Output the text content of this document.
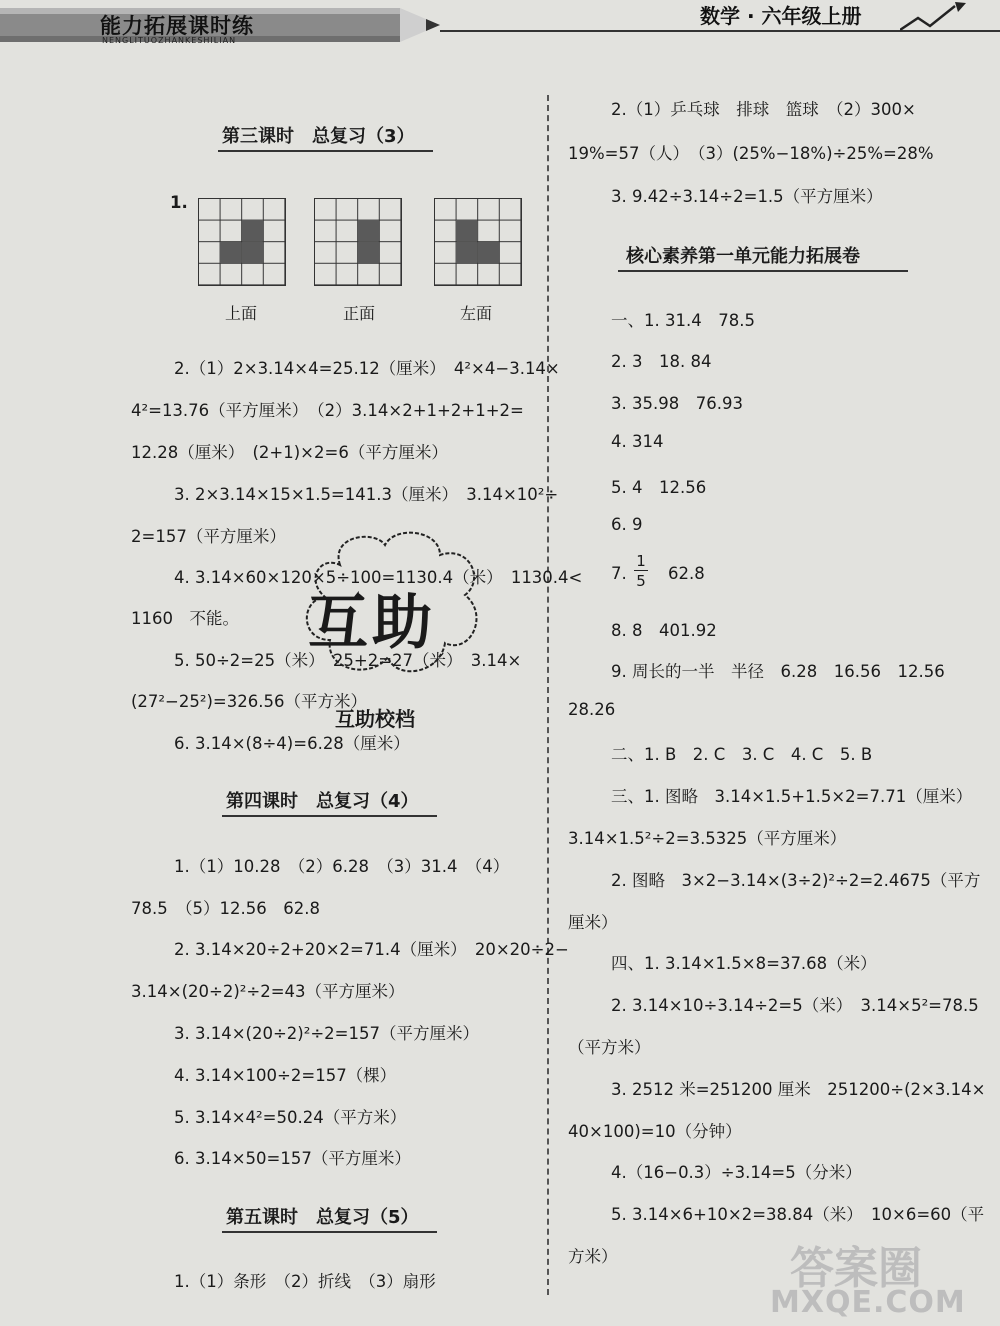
能力拓展课时练
NENGLITUOZHANKESHILIAN
数学 · 六年级上册
第三课时　总复习（3）
1.
上面	正面	左面
2.（1）2×3.14×4=25.12（厘米）　4²×4−3.14×
4²=13.76（平方厘米）　（2）3.14×2+1+2+1+2=
12.28（厘米）　(2+1)×2=6（平方厘米）
3. 2×3.14×15×1.5=141.3（厘米）　3.14×10²÷
2=157（平方厘米）
4. 3.14×60×120×5÷100=1130.4（米）　1130.4<
1160　不能。
5. 50÷2=25（米）　25+2=27（米）　3.14×
(27²−25²)=326.56（平方米）
6. 3.14×(8÷4)=6.28（厘米）
第四课时　总复习（4）
1.（1）10.28　（2）6.28　（3）31.4　（4）
78.5　（5）12.56　62.8
2. 3.14×20÷2+20×2=71.4（厘米）　20×20÷2−
3.14×(20÷2)²÷2=43（平方厘米）
3. 3.14×(20÷2)²÷2=157（平方厘米）
4. 3.14×100÷2=157（棵）
5. 3.14×4²=50.24（平方米）
6. 3.14×50=157（平方厘米）
第五课时　总复习（5）
1.（1）条形　（2）折线　（3）扇形
互助
互助校档
2.（1）乒乓球　排球　篮球　（2）300×
19%=57（人）　（3）(25%−18%)÷25%=28%
3. 9.42÷3.14÷2=1.5（平方厘米）
核心素养第一单元能力拓展卷
一、1. 31.4　78.5
2. 3　18. 84
3. 35.98　76.93
4. 314
5. 4　12.56
6. 9
7.
1
5 62.8
8. 8　401.92
9. 周长的一半　半径　6.28　16.56　12.56
28.26
二、1. B　2. C　3. C　4. C　5. B
三、1. 图略　3.14×1.5+1.5×2=7.71（厘米）
3.14×1.5²÷2=3.5325（平方厘米）
2. 图略　3×2−3.14×(3÷2)²÷2=2.4675（平方
厘米）
四、1. 3.14×1.5×8=37.68（米）
2. 3.14×10÷3.14÷2=5（米）　3.14×5²=78.5
（平方米）
3. 2512 米=251200 厘米　251200÷(2×3.14×
40×100)=10（分钟）
4.（16−0.3）÷3.14=5（分米）
5. 3.14×6+10×2=38.84（米）　10×6=60（平
方米）	答案圈
MXQE.COM
